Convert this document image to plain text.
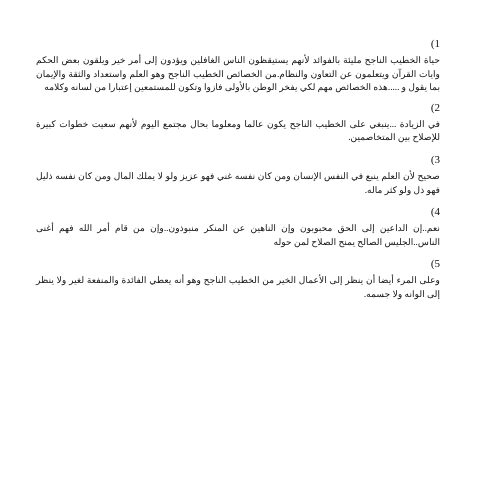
1)

حياة الخطيب الناجح مليئة بالفوائد لأنهم يستيقظون الناس الغافلين ويؤدون إلى أمر خير ويلقون بعض الحكم وايات القرآن ويتعلمون عن التعاون والنظام.من الخصائص الخطيب الناجح وهو العلم واستعداد والثقة والإيمان بما يقول و .....هذه الخصائص مهم لكي يفخر الوطن بالأولى فازوا وتكون للمستمعين إعتبارا من لسانه وكلامه

2)

في الزيادة ...ينبغي على الخطيب الناجح يكون عالما ومعلوما بحال مجتمع اليوم لأنهم سعيت خطوات كبيرة للإصلاح بين المتخاصمين.

3)

صحيح لأن العلم ينبع في النفس الإنسان ومن كان نفسه غني فهو عزيز ولو لا يملك المال ومن كان نفسه ذليل فهو ذل ولو كثر ماله.

4)

نعم..إن الداعين إلى الحق محبوبون وإن الناهين عن المنكر منبوذون..وإن من قام أمر الله فهم أغنى الناس..الجليس الصالح يمنح الصلاح لمن حوله

5)

وعلى المرء أيضا أن ينظر إلى الأعمال الخير من الخطيب الناجح وهو أنه يعطي الفائدة والمنفعة لغير ولا ينظر إلى الوانه ولا جسمه.
